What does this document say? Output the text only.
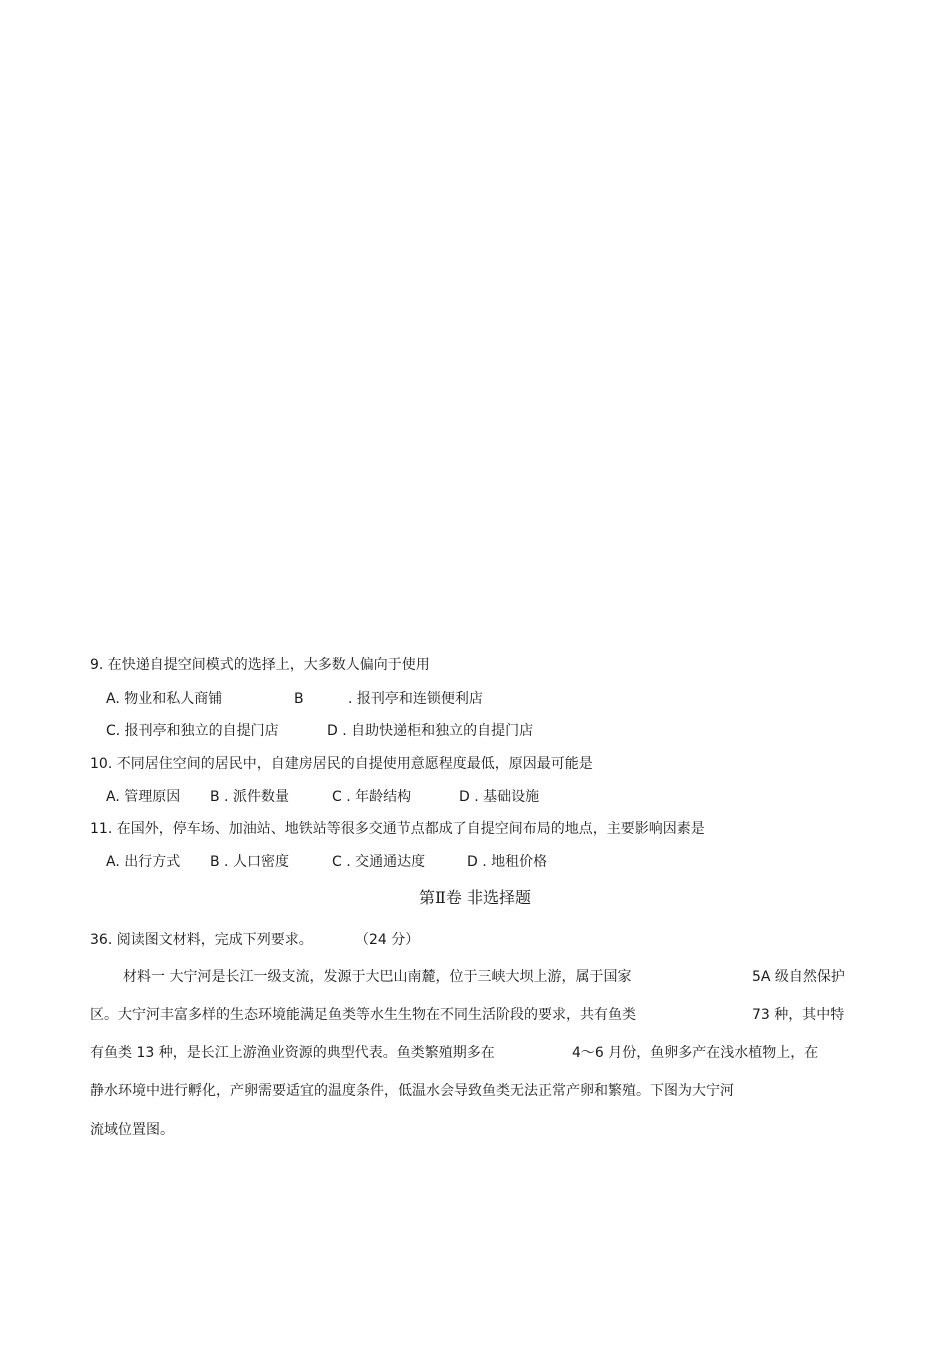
9. 在快递自提空间模式的选择上，大多数人偏向于使用
A. 物业和私人商铺	B	. 报刊亭和连锁便利店
C. 报刊亭和独立的自提门店	D . 自助快递柜和独立的自提门店
10. 不同居住空间的居民中，自建房居民的自提使用意愿程度最低，原因最可能是
A. 管理原因 B . 派件数量	C . 年龄结构	D . 基础设施
11. 在国外，停车场、加油站、地铁站等很多交通节点都成了自提空间布局的地点，主要影响因素是
A. 出行方式 B . 人口密度	C . 交通通达度	D . 地租价格
第Ⅱ卷 非选择题
36. 阅读图文材料，完成下列要求。	（24 分）
材料一 大宁河是长江一级支流，发源于大巴山南麓，位于三峡大坝上游，属于国家	5A 级自然保护
区。大宁河丰富多样的生态环境能满足鱼类等水生生物在不同生活阶段的要求，共有鱼类	73 种，其中特
有鱼类 13 种，是长江上游渔业资源的典型代表。鱼类繁殖期多在	4～6 月份，鱼卵多产在浅水植物上，在
静水环境中进行孵化，产卵需要适宜的温度条件，低温水会导致鱼类无法正常产卵和繁殖。下图为大宁河
流域位置图。
